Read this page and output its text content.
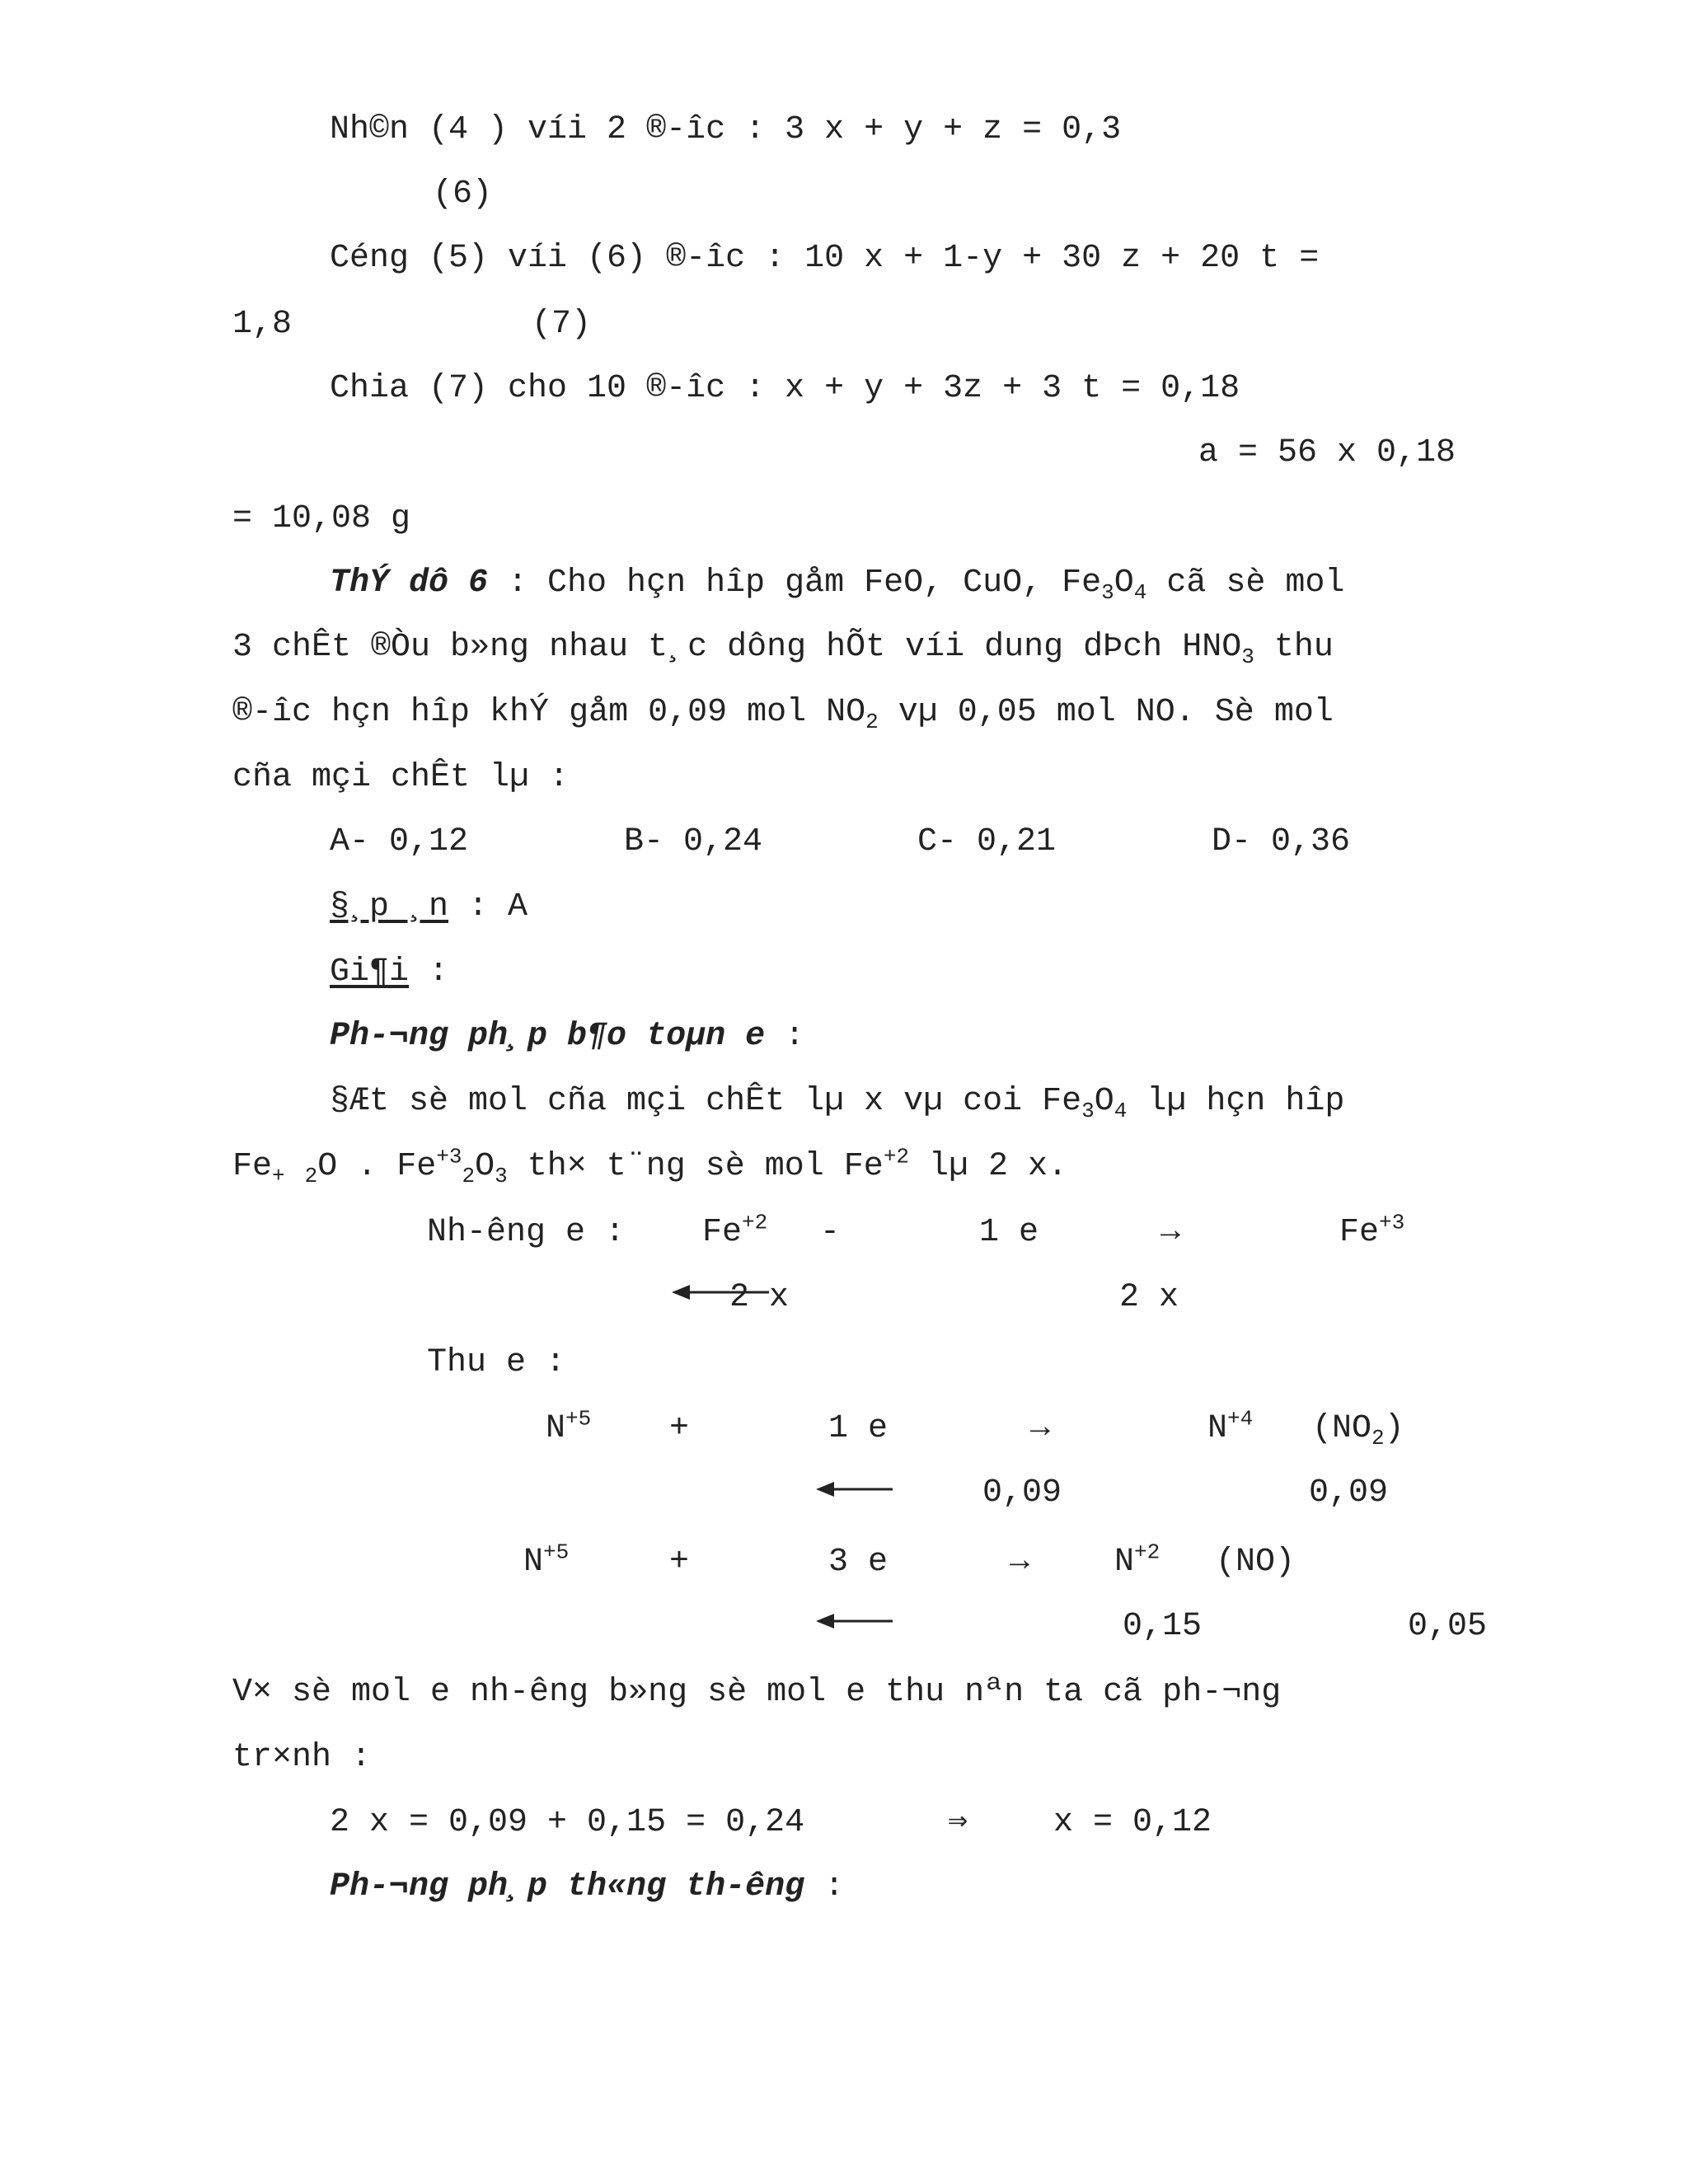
Nh©n (4 ) víi 2 ®-îc : 3 x + y + z = 0,3
(6)
Céng (5) víi (6) ®-îc : 10 x + 1-y + 30 z + 20 t =
1,8	(7)
Chia (7) cho 10 ®-îc : x + y + 3z + 3 t = 0,18
a = 56 x 0,18
= 10,08 g
ThÝ dô 6 : Cho hçn hîp gåm FeO, CuO, $Fe_3O_4$ cã sè mol
3 chÊt ®Òu b»ng nhau t¸c dông hÕt víi dung dÞch $HNO_3$ thu
®-îc hçn hîp khÝ gåm 0,09 mol $NO_2$ vµ 0,05 mol NO. Sè mol
cña mçi chÊt lµ :
A- 0,12	B- 0,24	C- 0,21	D- 0,36
§¸p ¸n : A
Gi¶i :
Ph-¬ng ph¸p b¶o toµn e :
§Æt sè mol cña mçi chÊt lµ x vµ coi $Fe_3O_4$ lµ hçn hîp
$Fe_+$ $_2$O . $Fe^{+3}_2O_3$ th× t¨ng sè mol $Fe^{+2}$ lµ 2 x.
Nh-êng e : $Fe^{+2}$ -	1 e	→	$Fe^{+3}$
2 x	2 x
Thu e :
$N^{+5}$ +	1 e	→	$N^{+4}$ $(NO_2)$
0,09	0,09
$N^{+5}$	+	3 e	→	$N^{+2}$ (NO)
0,15	0,05
V× sè mol e nh-êng b»ng sè mol e thu nªn ta cã ph-¬ng
tr×nh :
2 x = 0,09 + 0,15 = 0,24	⇒	x = 0,12
Ph-¬ng ph¸p th«ng th-êng :
